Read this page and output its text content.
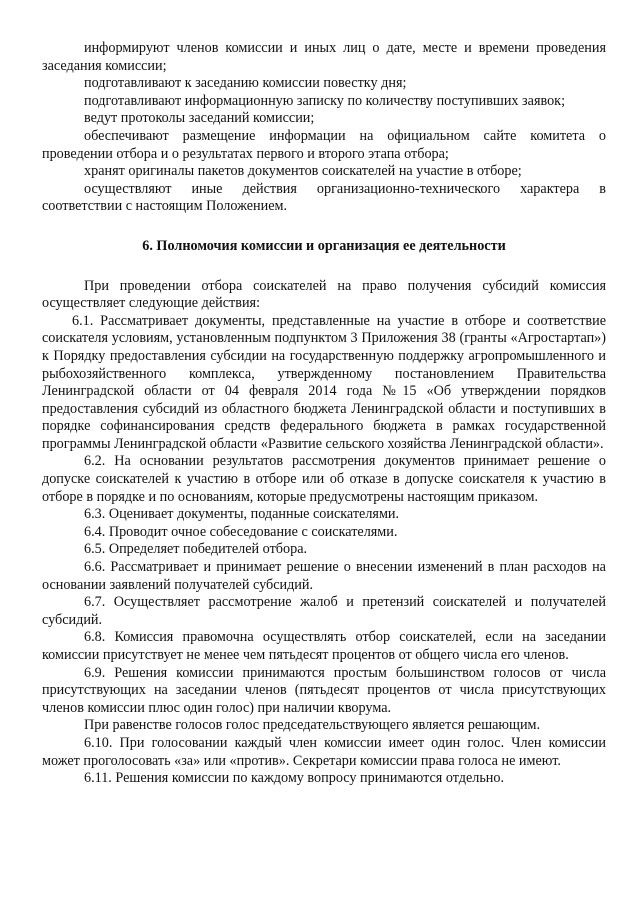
информируют членов комиссии и иных лиц о дате, месте и времени проведения заседания комиссии;

подготавливают к заседанию комиссии повестку дня;

подготавливают информационную записку по количеству поступивших заявок;

ведут протоколы заседаний комиссии;

обеспечивают размещение информации на официальном сайте комитета о проведении отбора и о результатах первого и второго этапа отбора;

хранят оригиналы пакетов документов соискателей на участие в отборе;

осуществляют иные действия организационно-технического характера в соответствии с настоящим Положением.

6. Полномочия комиссии и организация ее деятельности

При проведении отбора соискателей на право получения субсидий комиссия осуществляет следующие действия:

6.1. Рассматривает документы, представленные на участие в отборе и соответствие соискателя условиям, установленным подпунктом 3 Приложения 38 (гранты «Агростартап») к Порядку предоставления субсидии на государственную поддержку агропромышленного и рыбохозяйственного комплекса, утвержденному постановлением Правительства Ленинградской области от 04 февраля 2014 года №15 «Об утверждении порядков предоставления субсидий из областного бюджета Ленинградской области и поступивших в порядке софинансирования средств федерального бюджета в рамках государственной программы Ленинградской области «Развитие сельского хозяйства Ленинградской области».

6.2. На основании результатов рассмотрения документов принимает решение о допуске соискателей к участию в отборе или об отказе в допуске соискателя к участию в отборе в порядке и по основаниям, которые предусмотрены настоящим приказом.

6.3. Оценивает документы, поданные соискателями.

6.4. Проводит очное собеседование с соискателями.

6.5. Определяет победителей отбора.

6.6. Рассматривает и принимает решение о внесении изменений в план расходов на основании заявлений получателей субсидий.

6.7. Осуществляет рассмотрение жалоб и претензий соискателей и получателей субсидий.

6.8. Комиссия правомочна осуществлять отбор соискателей, если на заседании комиссии присутствует не менее чем пятьдесят процентов от общего числа его членов.

6.9. Решения комиссии принимаются простым большинством голосов от числа присутствующих на заседании членов (пятьдесят процентов от числа присутствующих членов комиссии плюс один голос) при наличии кворума.

При равенстве голосов голос председательствующего является решающим.

6.10. При голосовании каждый член комиссии имеет один голос. Член комиссии может проголосовать «за» или «против». Секретари комиссии права голоса не имеют.

6.11. Решения комиссии по каждому вопросу принимаются отдельно.
